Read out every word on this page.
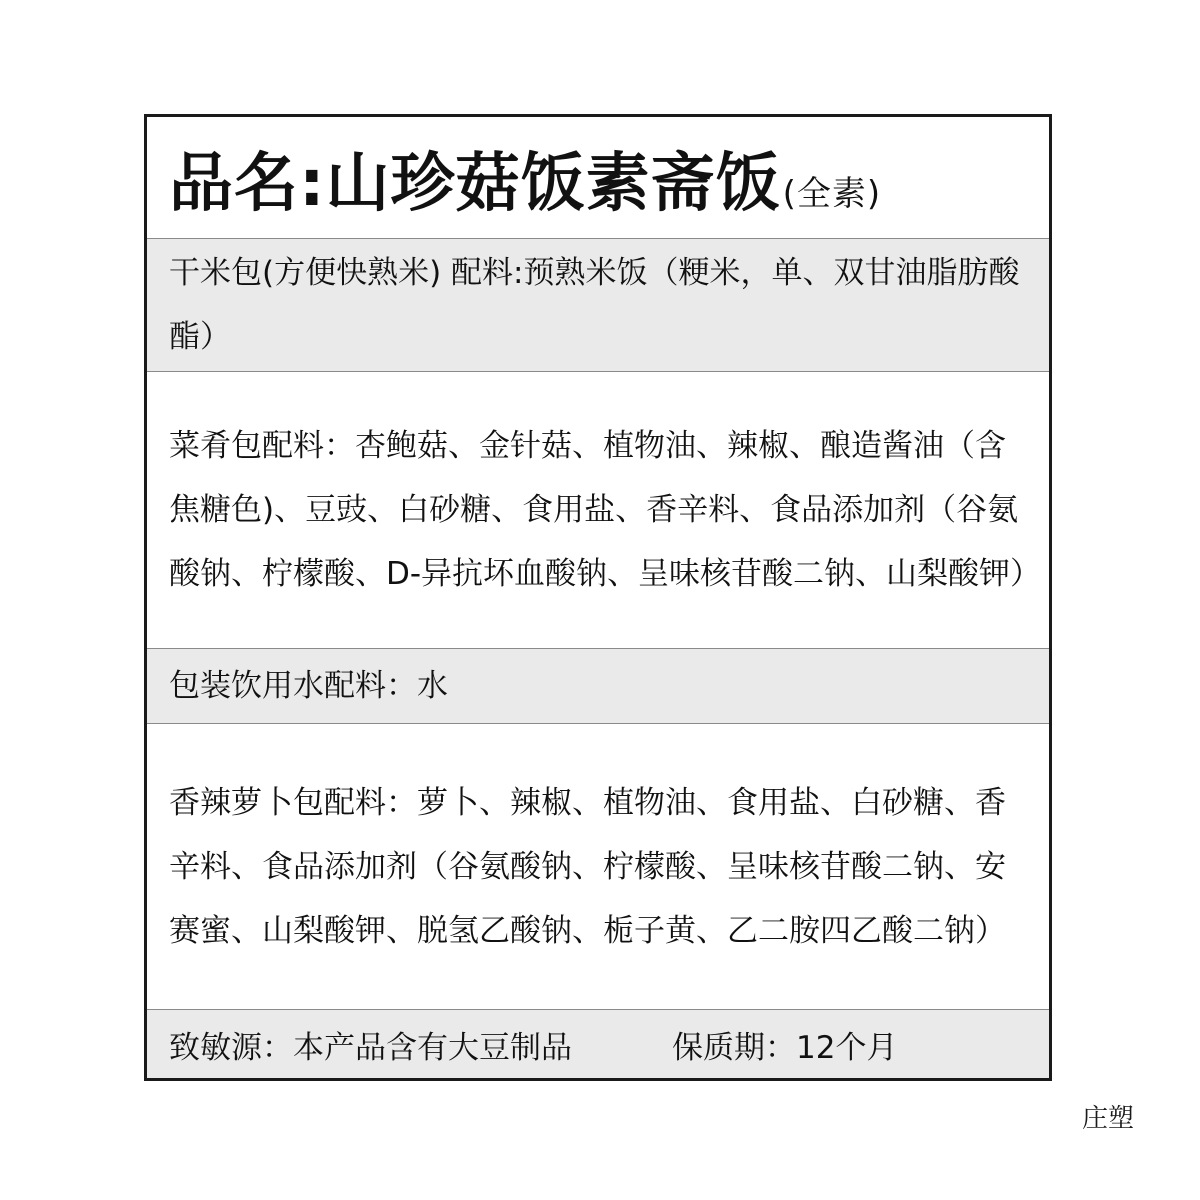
品名:山珍菇饭素斋饭(全素)

干米包(方便快熟米) 配料:预熟米饭（粳米，单、双甘油脂肪酸酯）

菜肴包配料：杏鲍菇、金针菇、植物油、辣椒、酿造酱油（含焦糖色)、豆豉、白砂糖、食用盐、香辛料、食品添加剂（谷氨酸钠、柠檬酸、D-异抗坏血酸钠、呈味核苷酸二钠、山梨酸钾）

包装饮用水配料：水

香辣萝卜包配料：萝卜、辣椒、植物油、食用盐、白砂糖、香辛料、食品添加剂（谷氨酸钠、柠檬酸、呈味核苷酸二钠、安赛蜜、山梨酸钾、脱氢乙酸钠、栀子黄、乙二胺四乙酸二钠）

致敏源：本产品含有大豆制品	保质期：12个月
庄塑
